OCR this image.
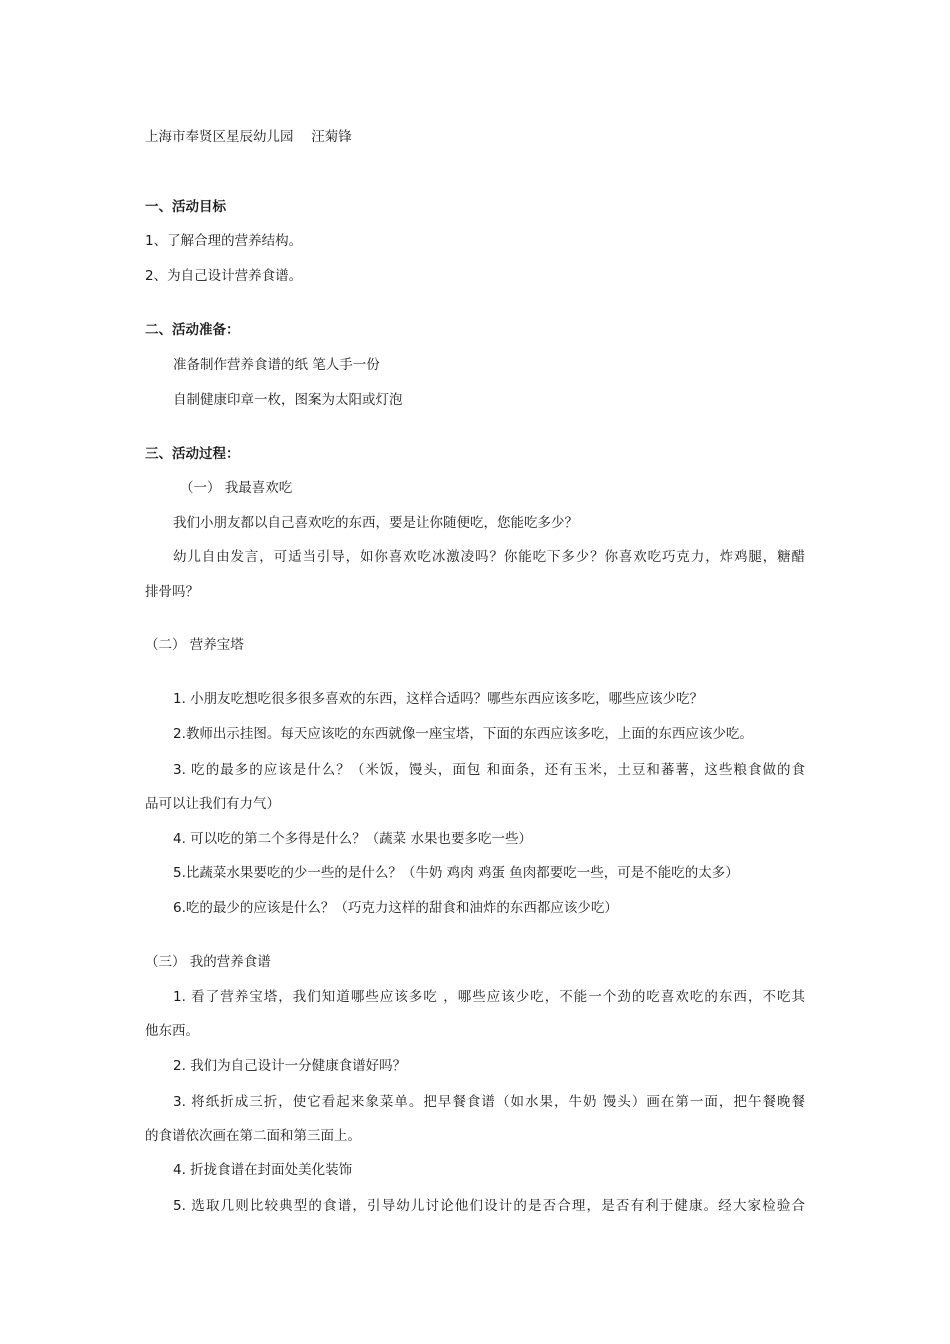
上海市奉贤区星辰幼儿园　 汪菊锋
一、活动目标
1、了解合理的营养结构。
2、为自己设计营养食谱。
二、活动准备：
准备制作营养食谱的纸 笔人手一份
自制健康印章一枚，图案为太阳或灯泡
三、活动过程：
（一） 我最喜欢吃
我们小朋友都以自己喜欢吃的东西，要是让你随便吃，您能吃多少？
幼儿自由发言，可适当引导，如你喜欢吃冰激凌吗？你能吃下多少？你喜欢吃巧克力，炸鸡腿，糖醋
排骨吗？
（二） 营养宝塔
1. 小朋友吃想吃很多很多喜欢的东西，这样合适吗？哪些东西应该多吃，哪些应该少吃？
2.教师出示挂图。每天应该吃的东西就像一座宝塔，下面的东西应该多吃，上面的东西应该少吃。
3. 吃的最多的应该是什么？（米饭，馒头，面包 和面条，还有玉米，土豆和蕃薯，这些粮食做的食
品可以让我们有力气）
4. 可以吃的第二个多得是什么？（蔬菜 水果也要多吃一些）
5.比蔬菜水果要吃的少一些的是什么？（牛奶 鸡肉 鸡蛋 鱼肉都要吃一些，可是不能吃的太多）
6.吃的最少的应该是什么？（巧克力这样的甜食和油炸的东西都应该少吃）
（三） 我的营养食谱
1. 看了营养宝塔，我们知道哪些应该多吃 ，哪些应该少吃，不能一个劲的吃喜欢吃的东西，不吃其
他东西。
2. 我们为自己设计一分健康食谱好吗？
3. 将纸折成三折，使它看起来象菜单。把早餐食谱（如水果，牛奶 馒头）画在第一面，把午餐晚餐
的食谱依次画在第二面和第三面上。
4. 折拢食谱在封面处美化装饰
5. 选取几则比较典型的食谱，引导幼儿讨论他们设计的是否合理，是否有利于健康。经大家检验合
